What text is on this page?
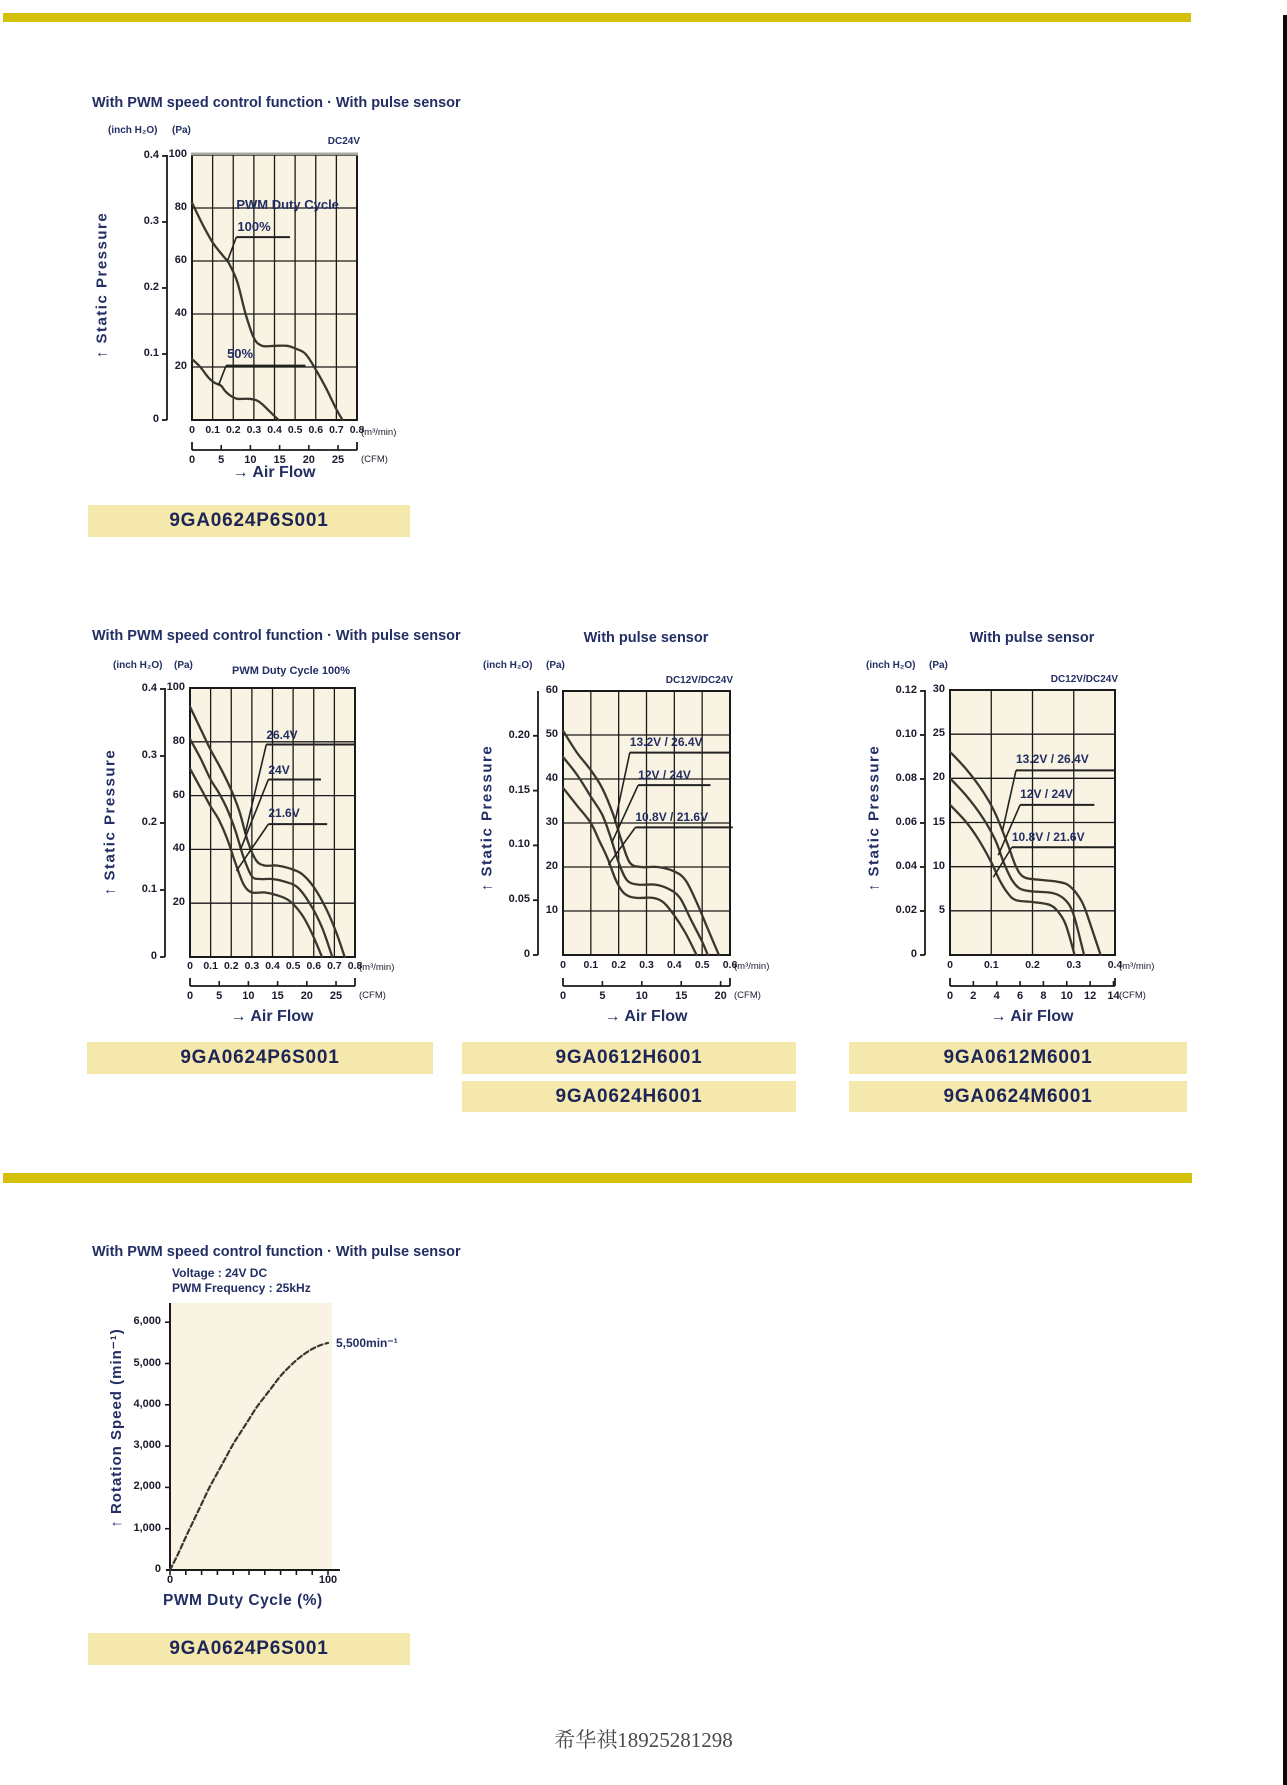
0.4
0.3
0.2
0.1
0
100
80
60
40
20
0 0.1 0.2 0.3 0.4 0.5 0.6 0.7 0.8
(m³/min)
0 5 10 15 20 25 (CFM)
PWM Duty Cycle
100%
50%
With PWM speed control function · With pulse sensor
(inch H₂O) (Pa)
DC24V
↑ Static Pressure
→ Air Flow
0.4
0.3
0.2
0.1
0
100
80
60
40
20
0 0.1 0.2 0.3 0.4 0.5 0.6 0.7 0.8
(m³/min)
0 5 10 15 20 25 (CFM)
26.4V
24V
21.6V
With PWM speed control function · With pulse sensor
(inch H₂O) (Pa)	PWM Duty Cycle 100%
↑ Static Pressure
→ Air Flow
0.20
0.15
0.10
0.05
0
60
50
40
30
20
10
0 0.1 0.2 0.3 0.4 0.5 0.6
(m³/min)
0	5	10 15 20 (CFM)
13.2V / 26.4V
12V / 24V
10.8V / 21.6V
With pulse sensor
(inch H₂O) (Pa)
DC12V/DC24V
↑ Static Pressure
→ Air Flow
0.12
0.10
0.08
0.06
0.04
0.02
0
30
25
20
15
10
5
0	0.1	0.2	0.3	0.4
(m³/min)
0 2 4 6 8 10 12 14 (CFM)
13.2V / 26.4V
12V / 24V
10.8V / 21.6V
With pulse sensor
(inch H₂O) (Pa)
DC12V/DC24V
↑ Static Pressure
→ Air Flow
6,000
5,000
4,000
3,000
2,000
1,000
0
0	100
With PWM speed control function · With pulse sensor
Voltage : 24V DC
PWM Frequency : 25kHz
↑ Rotation Speed (min⁻¹)
PWM Duty Cycle (%)
5,500min⁻¹
9GA0624P6S001
9GA0624P6S001	9GA0612H6001
9GA0624H6001
9GA0612M6001
9GA0624M6001
9GA0624P6S001
希华祺18925281298
